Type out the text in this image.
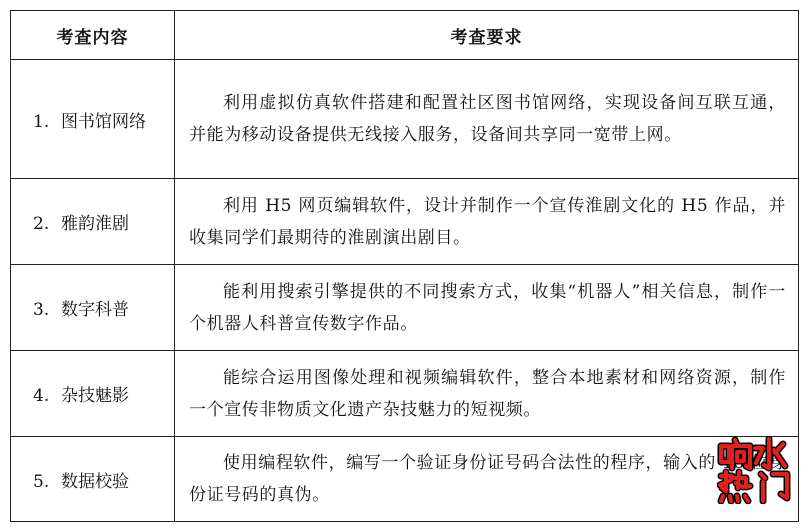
考查内容	考查要求
1. 图书馆网络	利用虚拟仿真软件搭建和配置社区图书馆网络，实现设备间互联互通，并能为移动设备提供无线接入服务，设备间共享同一宽带上网。

2. 雅韵淮剧	利用 H5 网页编辑软件，设计并制作一个宣传淮剧文化的 H5 作品，并收集同学们最期待的淮剧演出剧目。

3. 数字科普	能利用搜索引擎提供的不同搜索方式，收集“机器人”相关信息，制作一个机器人科普宣传数字作品。

4. 杂技魅影	能综合运用图像处理和视频编辑软件，整合本地素材和网络资源，制作一个宣传非物质文化遗产杂技魅力的短视频。

5. 数据校验	使用编程软件，编写一个验证身份证号码合法性的程序，输入的 18 位身份证号码的真伪。
